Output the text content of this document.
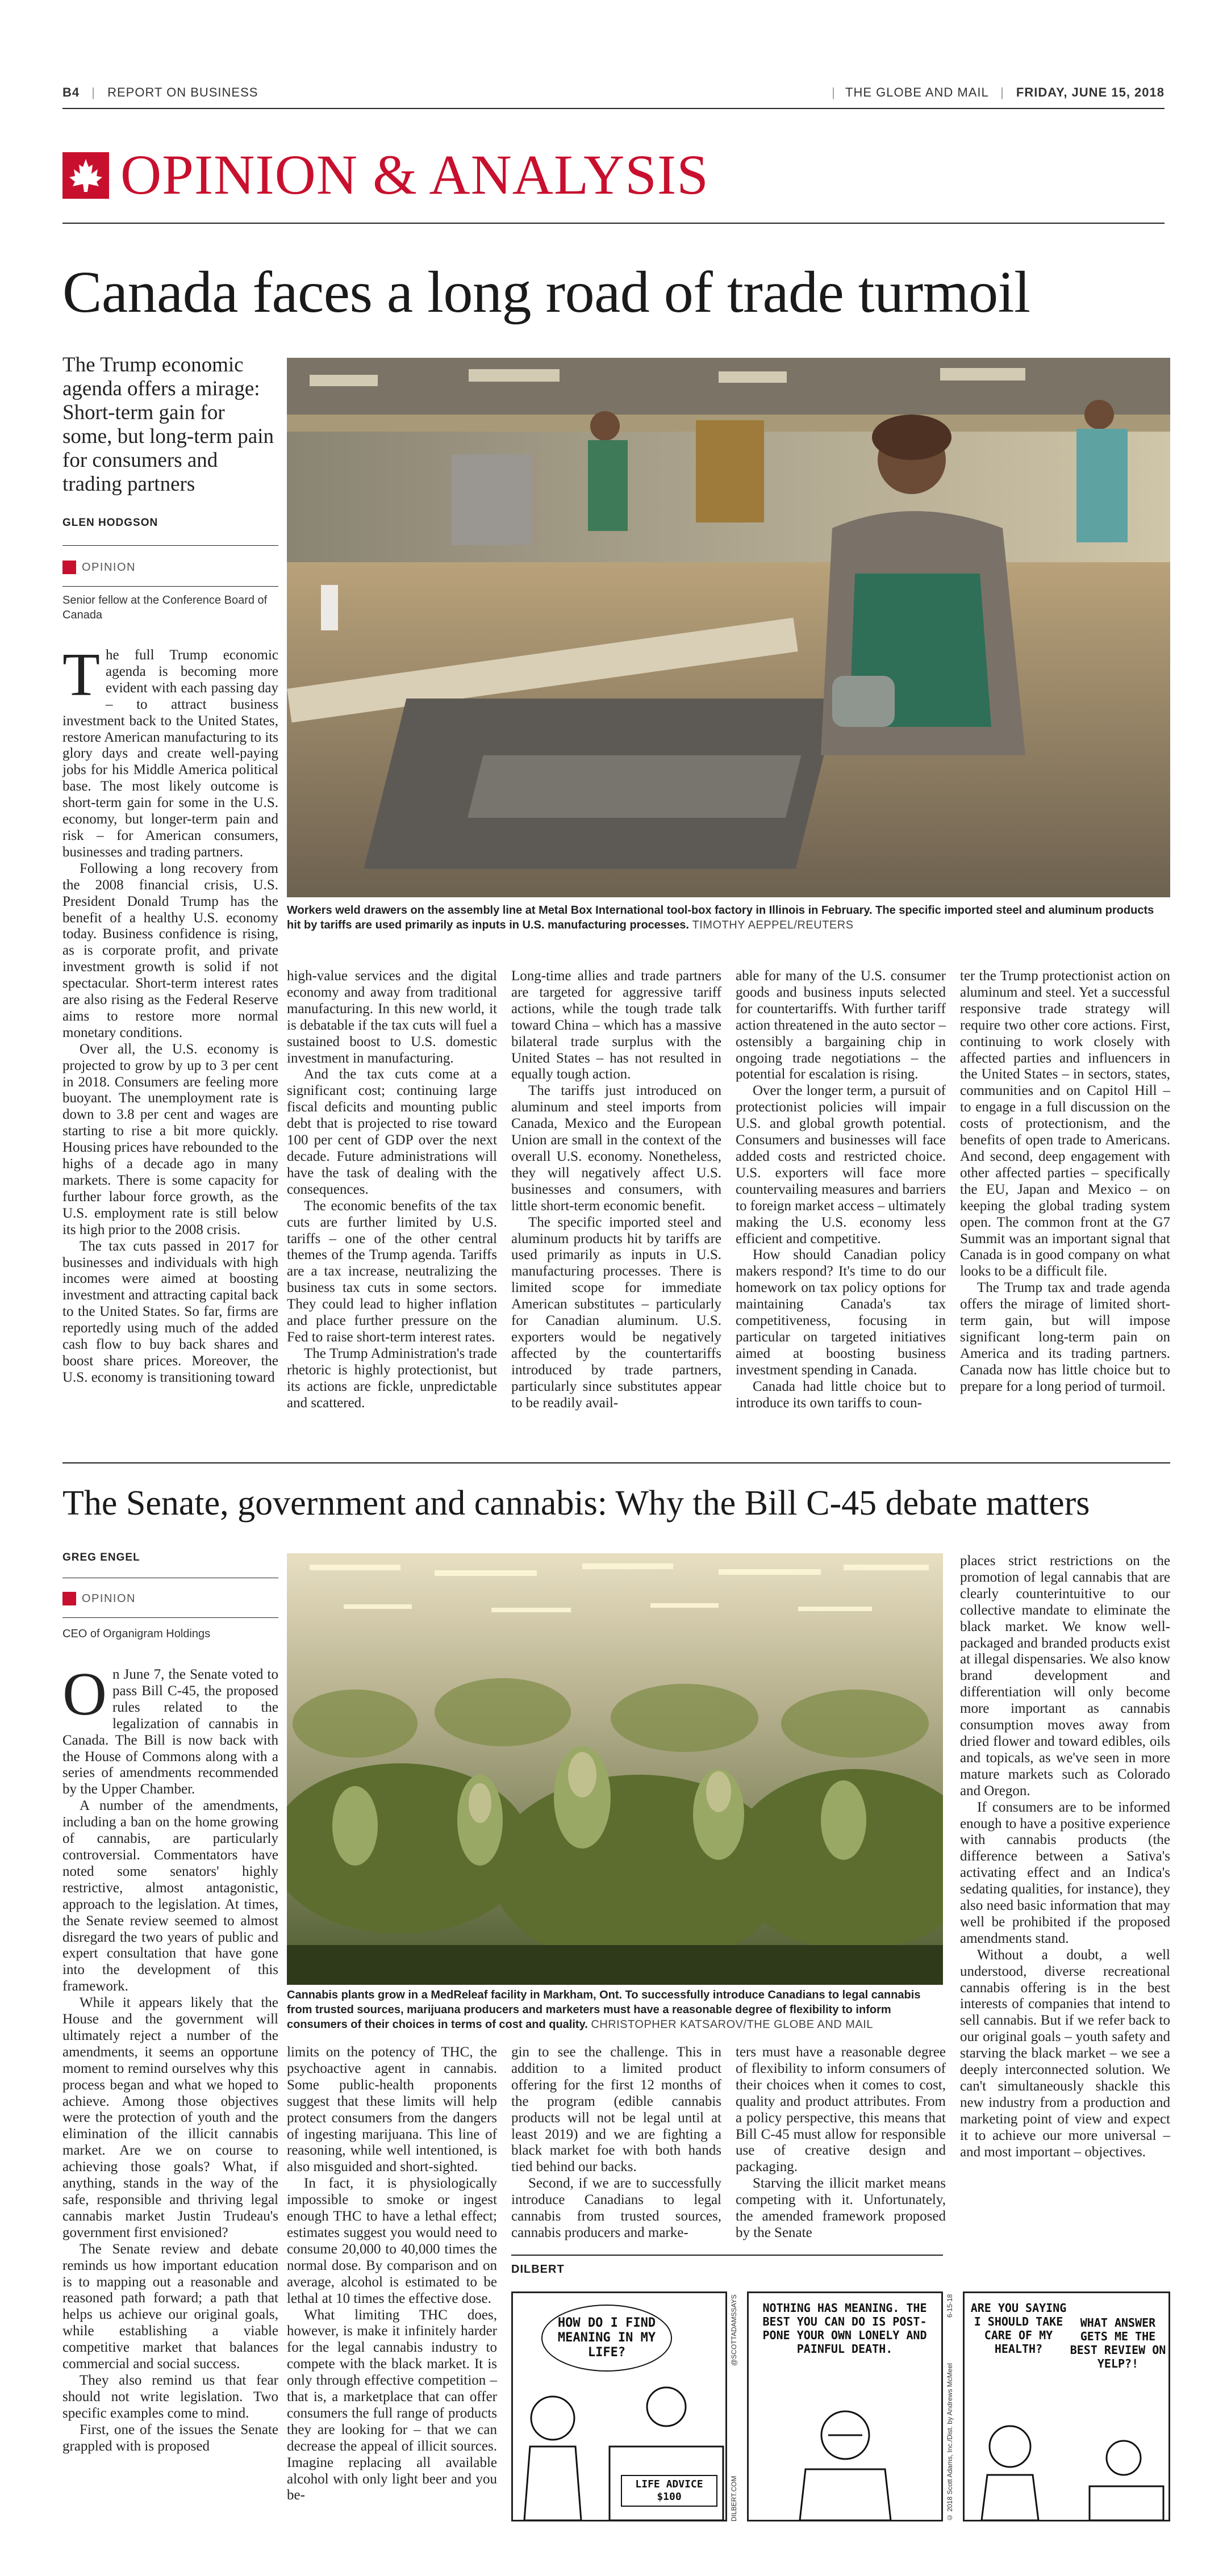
B4 | REPORT ON BUSINESS	| THE GLOBE AND MAIL | FRIDAY, JUNE 15, 2018
OPINION & ANALYSIS
Canada faces a long road of trade turmoil
The Trump economic agenda offers a mirage: Short-term gain for some, but long-term pain for consumers and trading partners
GLEN HODGSON
OPINION
Senior fellow at the Conference Board of Canada
Workers weld drawers on the assembly line at Metal Box International tool-box factory in Illinois in February. The specific imported steel and aluminum products hit by tariffs are used primarily as inputs in U.S. manufacturing processes. TIMOTHY AEPPEL/REUTERS

The full Trump economic agenda is becoming more evident with each passing day – to attract business investment back to the United States, restore American manufacturing to its glory days and create well-paying jobs for his Middle America political base. The most likely outcome is short-term gain for some in the U.S. economy, but longer-term pain and risk – for American consumers, businesses and trading partners.

Following a long recovery from the 2008 financial crisis, U.S. President Donald Trump has the benefit of a healthy U.S. economy today. Business confidence is rising, as is corporate profit, and private investment growth is solid if not spectacular. Short-term interest rates are also rising as the Federal Reserve aims to restore more normal monetary conditions.

Over all, the U.S. economy is projected to grow by up to 3 per cent in 2018. Consumers are feeling more buoyant. The unemployment rate is down to 3.8 per cent and wages are starting to rise a bit more quickly. Housing prices have rebounded to the highs of a decade ago in many markets. There is some capacity for further labour force growth, as the U.S. employment rate is still below its high prior to the 2008 crisis.

The tax cuts passed in 2017 for businesses and individuals with high incomes were aimed at boosting investment and attracting capital back to the United States. So far, firms are reportedly using much of the added cash flow to buy back shares and boost share prices. Moreover, the U.S. economy is transitioning toward

high-value services and the digital economy and away from traditional manufacturing. In this new world, it is debatable if the tax cuts will fuel a sustained boost to U.S. domestic investment in manufacturing.

And the tax cuts come at a significant cost; continuing large fiscal deficits and mounting public debt that is projected to rise toward 100 per cent of GDP over the next decade. Future administrations will have the task of dealing with the consequences.

The economic benefits of the tax cuts are further limited by U.S. tariffs – one of the other central themes of the Trump agenda. Tariffs are a tax increase, neutralizing the business tax cuts in some sectors. They could lead to higher inflation and place further pressure on the Fed to raise short-term interest rates.

The Trump Administration's trade rhetoric is highly protectionist, but its actions are fickle, unpredictable and scattered.

Long-time allies and trade partners are targeted for aggressive tariff actions, while the tough trade talk toward China – which has a massive bilateral trade surplus with the United States – has not resulted in equally tough action.

The tariffs just introduced on aluminum and steel imports from Canada, Mexico and the European Union are small in the context of the overall U.S. economy. Nonetheless, they will negatively affect U.S. businesses and consumers, with little short-term economic benefit.

The specific imported steel and aluminum products hit by tariffs are used primarily as inputs in U.S. manufacturing processes. There is limited scope for immediate American substitutes – particularly for Canadian aluminum. U.S. exporters would be negatively affected by the countertariffs introduced by trade partners, particularly since substitutes appear to be readily avail-

able for many of the U.S. consumer goods and business inputs selected for countertariffs. With further tariff action threatened in the auto sector – ostensibly a bargaining chip in ongoing trade negotiations – the potential for escalation is rising.

Over the longer term, a pursuit of protectionist policies will impair U.S. and global growth potential. Consumers and businesses will face added costs and restricted choice. U.S. exporters will face more countervailing measures and barriers to foreign market access – ultimately making the U.S. economy less efficient and competitive.

How should Canadian policy makers respond? It's time to do our homework on tax policy options for maintaining Canada's tax competitiveness, focusing in particular on targeted initiatives aimed at boosting business investment spending in Canada.

Canada had little choice but to introduce its own tariffs to coun-

ter the Trump protectionist action on aluminum and steel. Yet a successful responsive trade strategy will require two other core actions. First, continuing to work closely with affected parties and influencers in the United States – in sectors, states, communities and on Capitol Hill – to engage in a full discussion on the costs of protectionism, and the benefits of open trade to Americans. And second, deep engagement with other affected parties – specifically the EU, Japan and Mexico – on keeping the global trading system open. The common front at the G7 Summit was an important signal that Canada is in good company on what looks to be a difficult file.

The Trump tax and trade agenda offers the mirage of limited short-term gain, but will impose significant long-term pain on America and its trading partners. Canada now has little choice but to prepare for a long period of turmoil.

The Senate, government and cannabis: Why the Bill C-45 debate matters
GREG ENGEL
OPINION
CEO of Organigram Holdings
Cannabis plants grow in a MedReleaf facility in Markham, Ont. To successfully introduce Canadians to legal cannabis from trusted sources, marijuana producers and marketers must have a reasonable degree of flexibility to inform consumers of their choices in terms of cost and quality. CHRISTOPHER KATSAROV/THE GLOBE AND MAIL

On June 7, the Senate voted to pass Bill C-45, the proposed rules related to the legalization of cannabis in Canada. The Bill is now back with the House of Commons along with a series of amendments recommended by the Upper Chamber.

A number of the amendments, including a ban on the home growing of cannabis, are particularly controversial. Commentators have noted some senators' highly restrictive, almost antagonistic, approach to the legislation. At times, the Senate review seemed to almost disregard the two years of public and expert consultation that have gone into the development of this framework.

While it appears likely that the House and the government will ultimately reject a number of the amendments, it seems an opportune moment to remind ourselves why this process began and what we hoped to achieve. Among those objectives were the protection of youth and the elimination of the illicit cannabis market. Are we on course to achieving those goals? What, if anything, stands in the way of the safe, responsible and thriving legal cannabis market Justin Trudeau's government first envisioned?

The Senate review and debate reminds us how important education is to mapping out a reasonable and reasoned path forward; a path that helps us achieve our original goals, while establishing a viable competitive market that balances commercial and social success.

They also remind us that fear should not write legislation. Two specific examples come to mind.

First, one of the issues the Senate grappled with is proposed

limits on the potency of THC, the psychoactive agent in cannabis. Some public-health proponents suggest that these limits will help protect consumers from the dangers of ingesting marijuana. This line of reasoning, while well intentioned, is also misguided and short-sighted.

In fact, it is physiologically impossible to smoke or ingest enough THC to have a lethal effect; estimates suggest you would need to consume 20,000 to 40,000 times the normal dose. By comparison and on average, alcohol is estimated to be lethal at 10 times the effective dose.

What limiting THC does, however, is make it infinitely harder for the legal cannabis industry to compete with the black market. It is only through effective competition – that is, a marketplace that can offer consumers the full range of products they are looking for – that we can decrease the appeal of illicit sources. Imagine replacing all available alcohol with only light beer and you be-

gin to see the challenge. This in addition to a limited product offering for the first 12 months of the program (edible cannabis products will not be legal until at least 2019) and we are fighting a black market foe with both hands tied behind our backs.

Second, if we are to successfully introduce Canadians to legal cannabis from trusted sources, cannabis producers and marke-

ters must have a reasonable degree of flexibility to inform consumers of their choices when it comes to cost, quality and product attributes. From a policy perspective, this means that Bill C-45 must allow for responsible use of creative design and packaging.

Starving the illicit market means competing with it. Unfortunately, the amended framework proposed by the Senate

places strict restrictions on the promotion of legal cannabis that are clearly counterintuitive to our collective mandate to eliminate the black market. We know well-packaged and branded products exist at illegal dispensaries. We also know brand development and differentiation will only become more important as cannabis consumption moves away from dried flower and toward edibles, oils and topicals, as we've seen in more mature markets such as Colorado and Oregon.

If consumers are to be informed enough to have a positive experience with cannabis products (the difference between a Sativa's activating effect and an Indica's sedating qualities, for instance), they also need basic information that may well be prohibited if the proposed amendments stand.

Without a doubt, a well understood, diverse recreational cannabis offering is in the best interests of companies that intend to sell cannabis. But if we refer back to our original goals – youth safety and starving the black market – we see a deeply interconnected solution. We can't simultaneously shackle this new industry from a production and marketing point of view and expect it to achieve our more universal – and most important – objectives.

DILBERT
HOW DO I FIND MEANING IN MY LIFE?
LIFE ADVICE $100	DILBERT.COM
@SCOTTADAMSSAYS	NOTHING HAS MEANING. THE BEST YOU CAN DO IS POST-PONE YOUR OWN LONELY AND PAINFUL DEATH.
© 2018 Scott Adams, Inc./Dist. by Andrews McMeel
6-15-18	ARE YOU SAYING I SHOULD TAKE CARE OF MY HEALTH?
WHAT ANSWER GETS ME THE BEST REVIEW ON YELP?!
